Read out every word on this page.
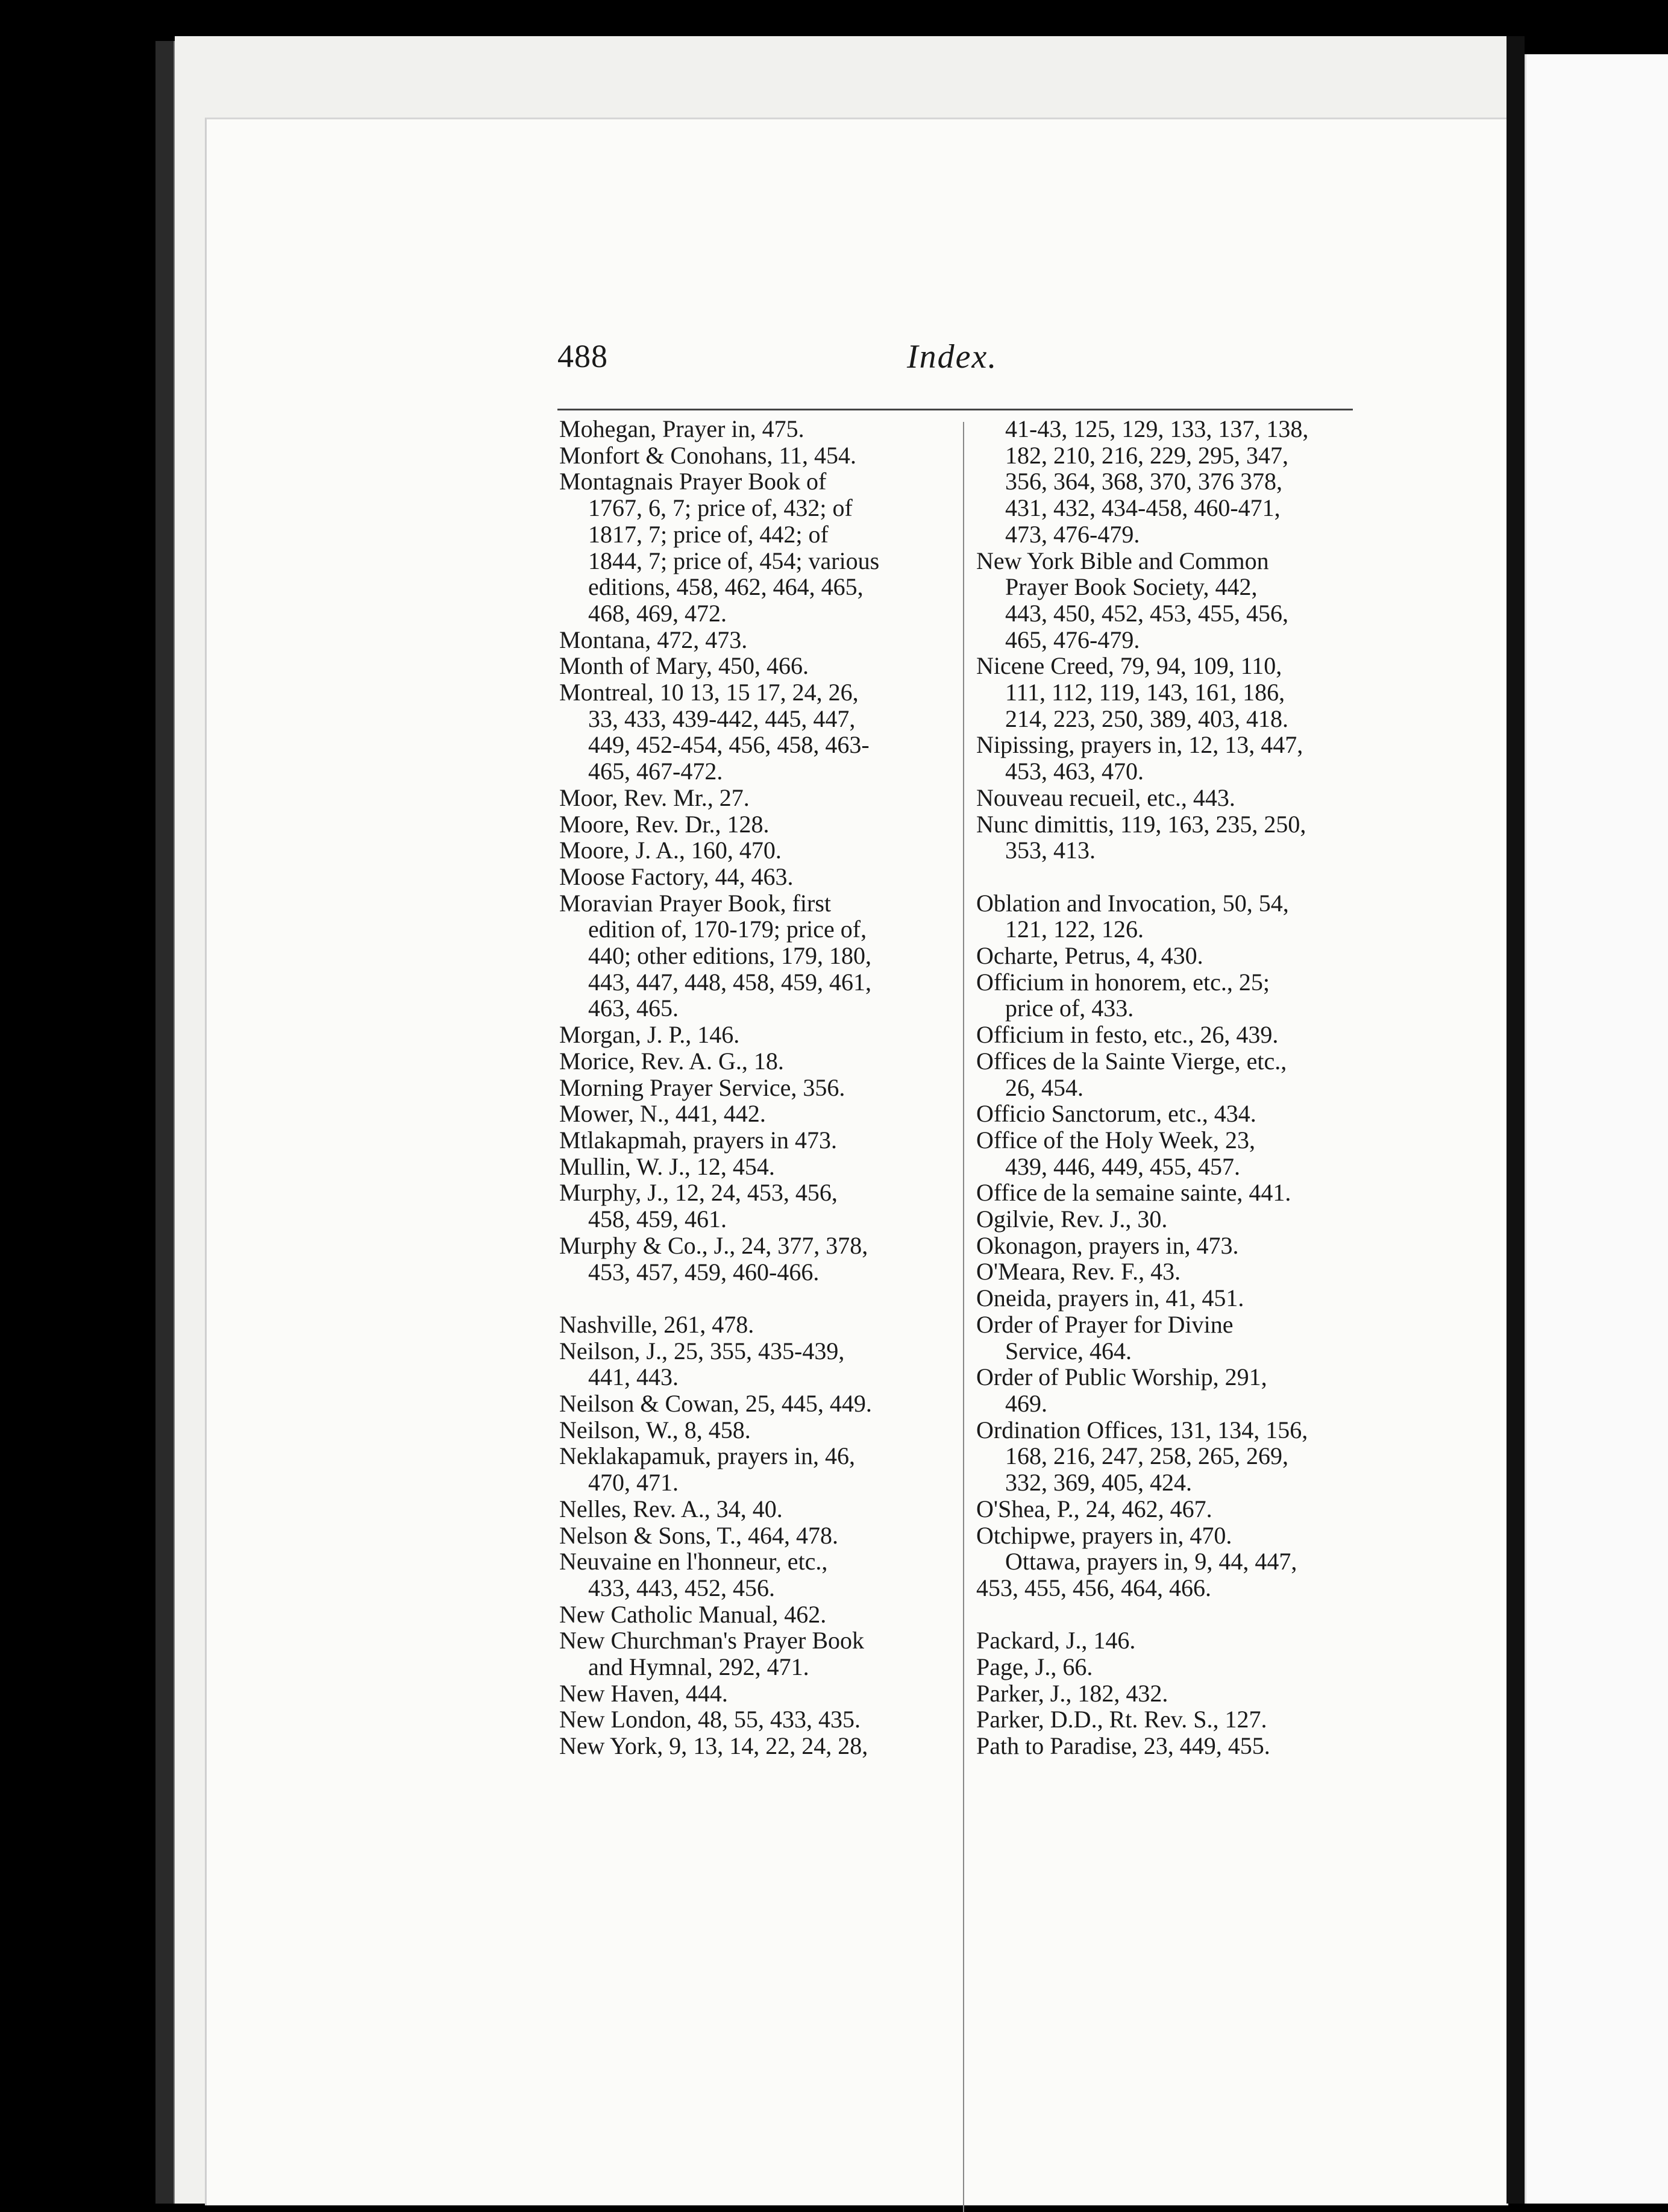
488	Index.
Mohegan, Prayer in, 475.
Monfort & Conohans, 11, 454.
Montagnais Prayer Book of
1767, 6, 7; price of, 432; of
1817, 7; price of, 442; of
1844, 7; price of, 454; various
editions, 458, 462, 464, 465,
468, 469, 472.
Montana, 472, 473.
Month of Mary, 450, 466.
Montreal, 10 13, 15 17, 24, 26,
33, 433, 439-442, 445, 447,
449, 452-454, 456, 458, 463-
465, 467-472.
Moor, Rev. Mr., 27.
Moore, Rev. Dr., 128.
Moore, J. A., 160, 470.
Moose Factory, 44, 463.
Moravian Prayer Book, first
edition of, 170-179; price of,
440; other editions, 179, 180,
443, 447, 448, 458, 459, 461,
463, 465.
Morgan, J. P., 146.
Morice, Rev. A. G., 18.
Morning Prayer Service, 356.
Mower, N., 441, 442.
Mtlakapmah, prayers in 473.
Mullin, W. J., 12, 454.
Murphy, J., 12, 24, 453, 456,
458, 459, 461.
Murphy & Co., J., 24, 377, 378,
453, 457, 459, 460-466.
Nashville, 261, 478.
Neilson, J., 25, 355, 435-439,
441, 443.
Neilson & Cowan, 25, 445, 449.
Neilson, W., 8, 458.
Neklakapamuk, prayers in, 46,
470, 471.
Nelles, Rev. A., 34, 40.
Nelson & Sons, T., 464, 478.
Neuvaine en l'honneur, etc.,
433, 443, 452, 456.
New Catholic Manual, 462.
New Churchman's Prayer Book
and Hymnal, 292, 471.
New Haven, 444.
New London, 48, 55, 433, 435.
New York, 9, 13, 14, 22, 24, 28,
41-43, 125, 129, 133, 137, 138,
182, 210, 216, 229, 295, 347,
356, 364, 368, 370, 376 378,
431, 432, 434-458, 460-471,
473, 476-479.
New York Bible and Common
Prayer Book Society, 442,
443, 450, 452, 453, 455, 456,
465, 476-479.
Nicene Creed, 79, 94, 109, 110,
111, 112, 119, 143, 161, 186,
214, 223, 250, 389, 403, 418.
Nipissing, prayers in, 12, 13, 447,
453, 463, 470.
Nouveau recueil, etc., 443.
Nunc dimittis, 119, 163, 235, 250,
353, 413.
Oblation and Invocation, 50, 54,
121, 122, 126.
Ocharte, Petrus, 4, 430.
Officium in honorem, etc., 25;
price of, 433.
Officium in festo, etc., 26, 439.
Offices de la Sainte Vierge, etc.,
26, 454.
Officio Sanctorum, etc., 434.
Office of the Holy Week, 23,
439, 446, 449, 455, 457.
Office de la semaine sainte, 441.
Ogilvie, Rev. J., 30.
Okonagon, prayers in, 473.
O'Meara, Rev. F., 43.
Oneida, prayers in, 41, 451.
Order of Prayer for Divine
Service, 464.
Order of Public Worship, 291,
469.
Ordination Offices, 131, 134, 156,
168, 216, 247, 258, 265, 269,
332, 369, 405, 424.
O'Shea, P., 24, 462, 467.
Otchipwe, prayers in, 470.
Ottawa, prayers in, 9, 44, 447,
453, 455, 456, 464, 466.
Packard, J., 146.
Page, J., 66.
Parker, J., 182, 432.
Parker, D.D., Rt. Rev. S., 127.
Path to Paradise, 23, 449, 455.
